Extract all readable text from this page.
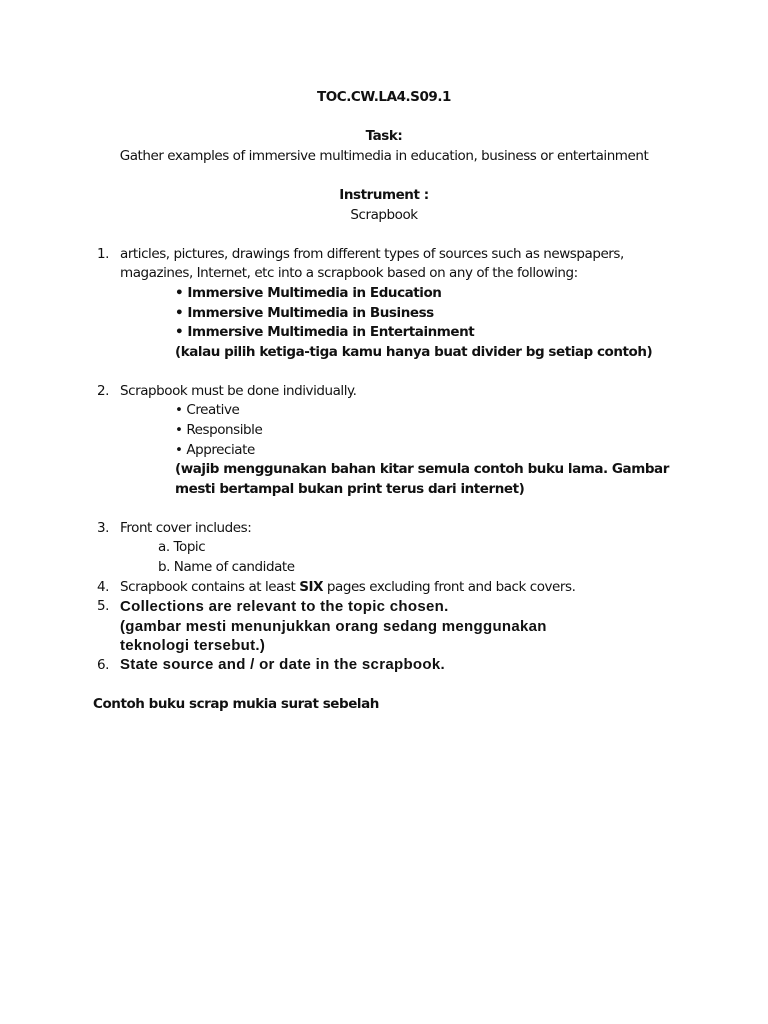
TOC.CW.LA4.S09.1
Task:
Gather examples of immersive multimedia in education, business or entertainment
Instrument :
Scrapbook
1. articles, pictures, drawings from different types of sources such as newspapers,
magazines, Internet, etc into a scrapbook based on any of the following:
• Immersive Multimedia in Education
• Immersive Multimedia in Business
• Immersive Multimedia in Entertainment
(kalau pilih ketiga-tiga kamu hanya buat divider bg setiap contoh)
2. Scrapbook must be done individually.
• Creative
• Responsible
• Appreciate
(wajib menggunakan bahan kitar semula contoh buku lama. Gambar
mesti bertampal bukan print terus dari internet)
3. Front cover includes:
a. Topic
b. Name of candidate
4. Scrapbook contains at least SIX pages excluding front and back covers.
5. Collections are relevant to the topic chosen.
(gambar mesti menunjukkan orang sedang menggunakan
teknologi tersebut.)
6. State source and / or date in the scrapbook.
Contoh buku scrap mukia surat sebelah
